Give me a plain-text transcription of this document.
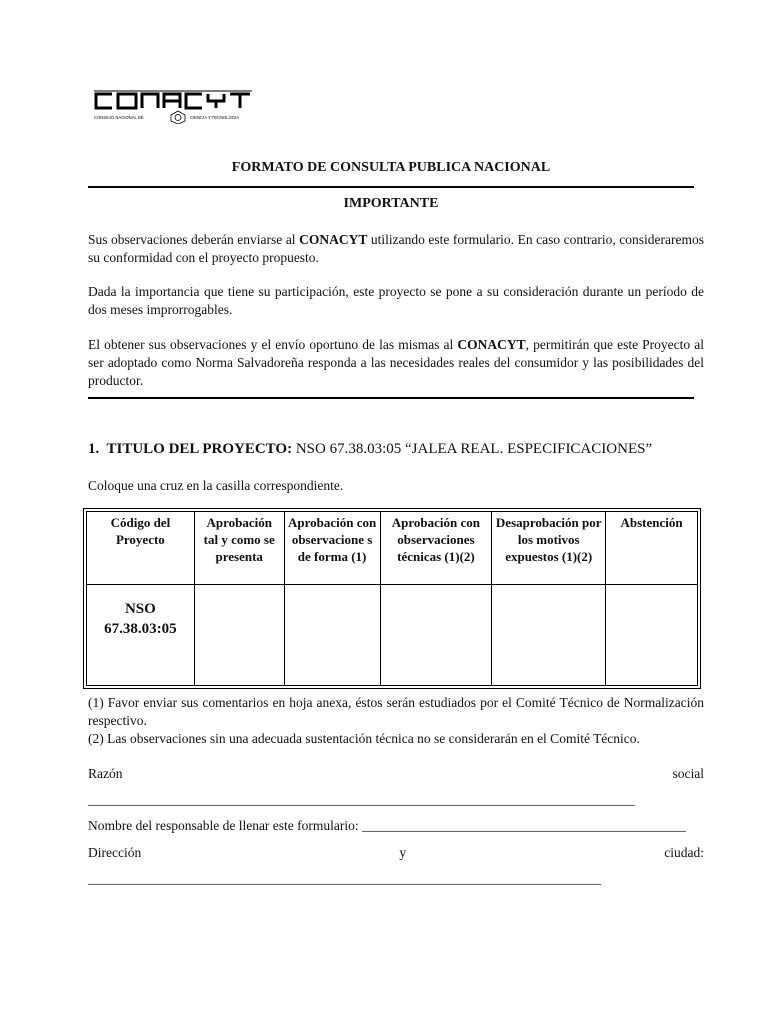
CONSEJO NACIONAL DE	CIENCIA Y TECNOLOGIA
FORMATO DE CONSULTA PUBLICA NACIONAL
IMPORTANTE
Sus observaciones deberán enviarse al CONACYT utilizando este formulario. En caso contrario, consideraremos su conformidad con el proyecto propuesto.
Dada la importancia que tiene su participación, este proyecto se pone a su consideración durante un período de dos meses improrrogables.
El obtener sus observaciones y el envío oportuno de las mismas al CONACYT, permitirán que este Proyecto al ser adoptado como Norma Salvadoreña responda a las necesidades reales del consumidor y las posibilidades del productor.
1. TITULO DEL PROYECTO: NSO 67.38.03:05 “JALEA REAL. ESPECIFICACIONES”
Coloque una cruz en la casilla correspondiente.
Código del Proyecto	Aprobación tal y como se presenta	Aprobación con observacione s de forma (1)	Aprobación con observaciones técnicas (1)(2)	Desaprobación por los motivos expuestos (1)(2)	Abstención
NSO 67.38.03:05					
(1) Favor enviar sus comentarios en hoja anexa, éstos serán estudiados por el Comité Técnico de Normalización respectivo.
(2) Las observaciones sin una adecuada sustentación técnica no se considerarán en el Comité Técnico.
Razón	social
_________________________________________________________________________________
Nombre del responsable de llenar este formulario: ________________________________________________
Dirección	y	ciudad:
____________________________________________________________________________
